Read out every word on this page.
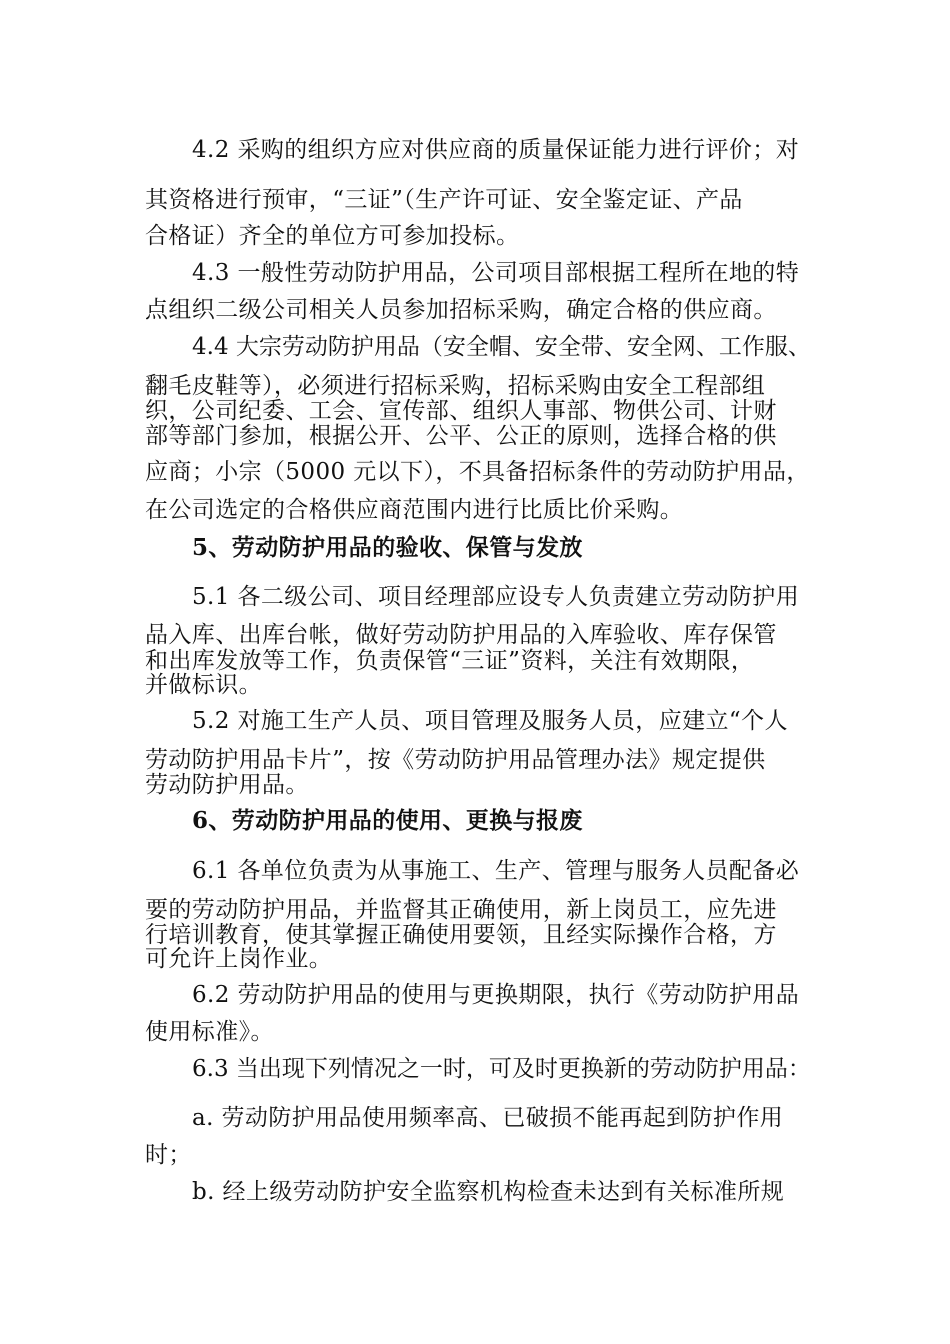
4.2 采购的组织方应对供应商的质量保证能力进行评价；对
其资格进行预审，“三证”（生产许可证、安全鉴定证、产品
合格证）齐全的单位方可参加投标。
4.3 一般性劳动防护用品，公司项目部根据工程所在地的特
点组织二级公司相关人员参加招标采购，确定合格的供应商。
4.4 大宗劳动防护用品（安全帽、安全带、安全网、工作服、
翻毛皮鞋等），必须进行招标采购，招标采购由安全工程部组
织，公司纪委、工会、宣传部、组织人事部、物供公司、计财
部等部门参加，根据公开、公平、公正的原则，选择合格的供
应商；小宗（5000 元以下），不具备招标条件的劳动防护用品，
在公司选定的合格供应商范围内进行比质比价采购。
5、劳动防护用品的验收、保管与发放
5.1 各二级公司、项目经理部应设专人负责建立劳动防护用
品入库、出库台帐，做好劳动防护用品的入库验收、库存保管
和出库发放等工作，负责保管“三证”资料，关注有效期限，
并做标识。
5.2 对施工生产人员、项目管理及服务人员，应建立“个人
劳动防护用品卡片”，按《劳动防护用品管理办法》规定提供
劳动防护用品。
6、劳动防护用品的使用、更换与报废
6.1 各单位负责为从事施工、生产、管理与服务人员配备必
要的劳动防护用品，并监督其正确使用，新上岗员工，应先进
行培训教育，使其掌握正确使用要领，且经实际操作合格，方
可允许上岗作业。
6.2 劳动防护用品的使用与更换期限，执行《劳动防护用品
使用标准》。
6.3 当出现下列情况之一时，可及时更换新的劳动防护用品：
a. 劳动防护用品使用频率高、已破损不能再起到防护作用
时；
b. 经上级劳动防护安全监察机构检查未达到有关标准所规
